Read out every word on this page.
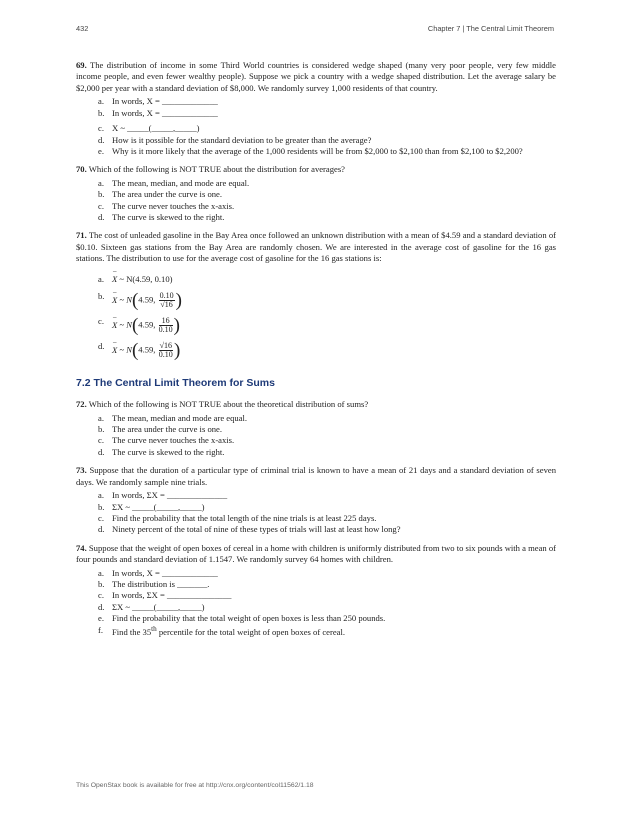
432	Chapter 7 | The Central Limit Theorem

69. The distribution of income in some Third World countries is considered wedge shaped (many very poor people, very few middle income people, and even fewer wealthy people). Suppose we pick a country with a wedge shaped distribution. Let the average salary be $2,000 per year with a standard deviation of $8,000. We randomly survey 1,000 residents of that country.

a. In words, X = _____________
b. In words, X = _____________
c. X ~ _____(_____,_____)
d. How is it possible for the standard deviation to be greater than the average?
e. Why is it more likely that the average of the 1,000 residents will be from $2,000 to $2,100 than from $2,100 to $2,200?

70. Which of the following is NOT TRUE about the distribution for averages?

a. The mean, median, and mode are equal.
b. The area under the curve is one.
c. The curve never touches the x-axis.
d. The curve is skewed to the right.

71. The cost of unleaded gasoline in the Bay Area once followed an unknown distribution with a mean of $4.59 and a standard deviation of $0.10. Sixteen gas stations from the Bay Area are randomly chosen. We are interested in the average cost of gasoline for the 16 gas stations. The distribution to use for the average cost of gasoline for the 16 gas stations is:

a. – X ~ N(4.59, 0.10)
b. – X ~ N(4.59, $\frac{0.10}{√16}$ )
c. – X ~ N(4.59, $\frac{16}{0.10}$ )
d. – X ~ N(4.59, $\frac{√16}{0.10}$ )
7.2 The Central Limit Theorem for Sums

72. Which of the following is NOT TRUE about the theoretical distribution of sums?

a. The mean, median and mode are equal.
b. The area under the curve is one.
c. The curve never touches the x-axis.
d. The curve is skewed to the right.

73. Suppose that the duration of a particular type of criminal trial is known to have a mean of 21 days and a standard deviation of seven days. We randomly sample nine trials.

a. In words, ΣX = ______________
b. ΣX ~ _____(_____,_____)
c. Find the probability that the total length of the nine trials is at least 225 days.
d. Ninety percent of the total of nine of these types of trials will last at least how long?

74. Suppose that the weight of open boxes of cereal in a home with children is uniformly distributed from two to six pounds with a mean of four pounds and standard deviation of 1.1547. We randomly survey 64 homes with children.

a. In words, X = _____________
b. The distribution is _______.
c. In words, ΣX = _______________
d. ΣX ~ _____(_____,_____)
e. Find the probability that the total weight of open boxes is less than 250 pounds.
f. Find the 35th percentile for the total weight of open boxes of cereal.
This OpenStax book is available for free at http://cnx.org/content/col11562/1.18
